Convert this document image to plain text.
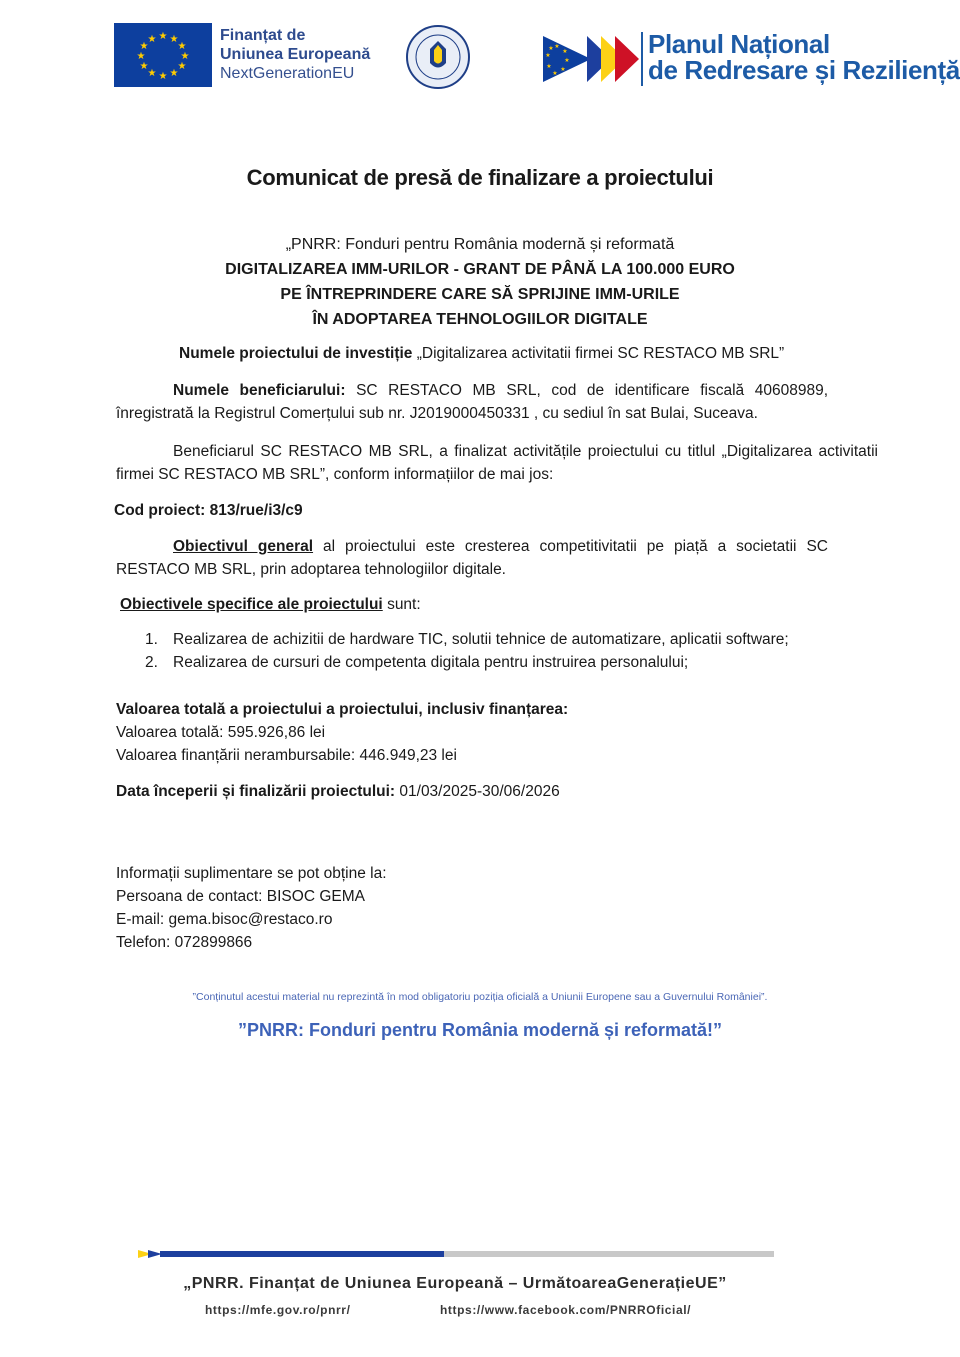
★ ★
★
★
★
★
★
★
★
★
★
★	Finanțat de
Uniunea Europeană
NextGenerationEU
★
★
★
★
★
★
★
★	Planul Național
de Redresare și Reziliență
Comunicat de presă de finalizare a proiectului
„PNRR: Fonduri pentru România modernă și reformată
DIGITALIZAREA IMM-URILOR - GRANT DE PÂNĂ LA 100.000 EURO
PE ÎNTREPRINDERE CARE SĂ SPRIJINE IMM-URILE
ÎN ADOPTAREA TEHNOLOGIILOR DIGITALE
Numele proiectului de investiție „Digitalizarea activitatii firmei SC RESTACO MB SRL”
Numele beneficiarului: SC RESTACO MB SRL, cod de identificare fiscală 40608989, înregistrată la Registrul Comerțului sub nr. J2019000450331 , cu sediul în sat Bulai, Suceava.
Beneficiarul SC RESTACO MB SRL, a finalizat activitățile proiectului cu titlul „Digitalizarea activitatii firmei SC RESTACO MB SRL”, conform informațiilor de mai jos:
Cod proiect: 813/rue/i3/c9
Obiectivul general al proiectului este cresterea competitivitatii pe piață a societatii SC RESTACO MB SRL, prin adoptarea tehnologiilor digitale.
Obiectivele specifice ale proiectului sunt:
1. Realizarea de achizitii de hardware TIC, solutii tehnice de automatizare, aplicatii software;
2. Realizarea de cursuri de competenta digitala pentru instruirea personalului;
Valoarea totală a proiectului a proiectului, inclusiv finanțarea:
Valoarea totală: 595.926,86 lei
Valoarea finanțării nerambursabile: 446.949,23 lei
Data începerii și finalizării proiectului: 01/03/2025-30/06/2026
Informații suplimentare se pot obține la:
Persoana de contact: BISOC GEMA
E-mail: gema.bisoc@restaco.ro
Telefon: 072899866
”Conținutul acestui material nu reprezintă în mod obligatoriu poziția oficială a Uniunii Europene sau a Guvernului României”.
”PNRR: Fonduri pentru România modernă și reformată!”
„PNRR. Finanțat de Uniunea Europeană – UrmătoareaGenerațieUE”
https://mfe.gov.ro/pnrr/	https://www.facebook.com/PNRROficial/
